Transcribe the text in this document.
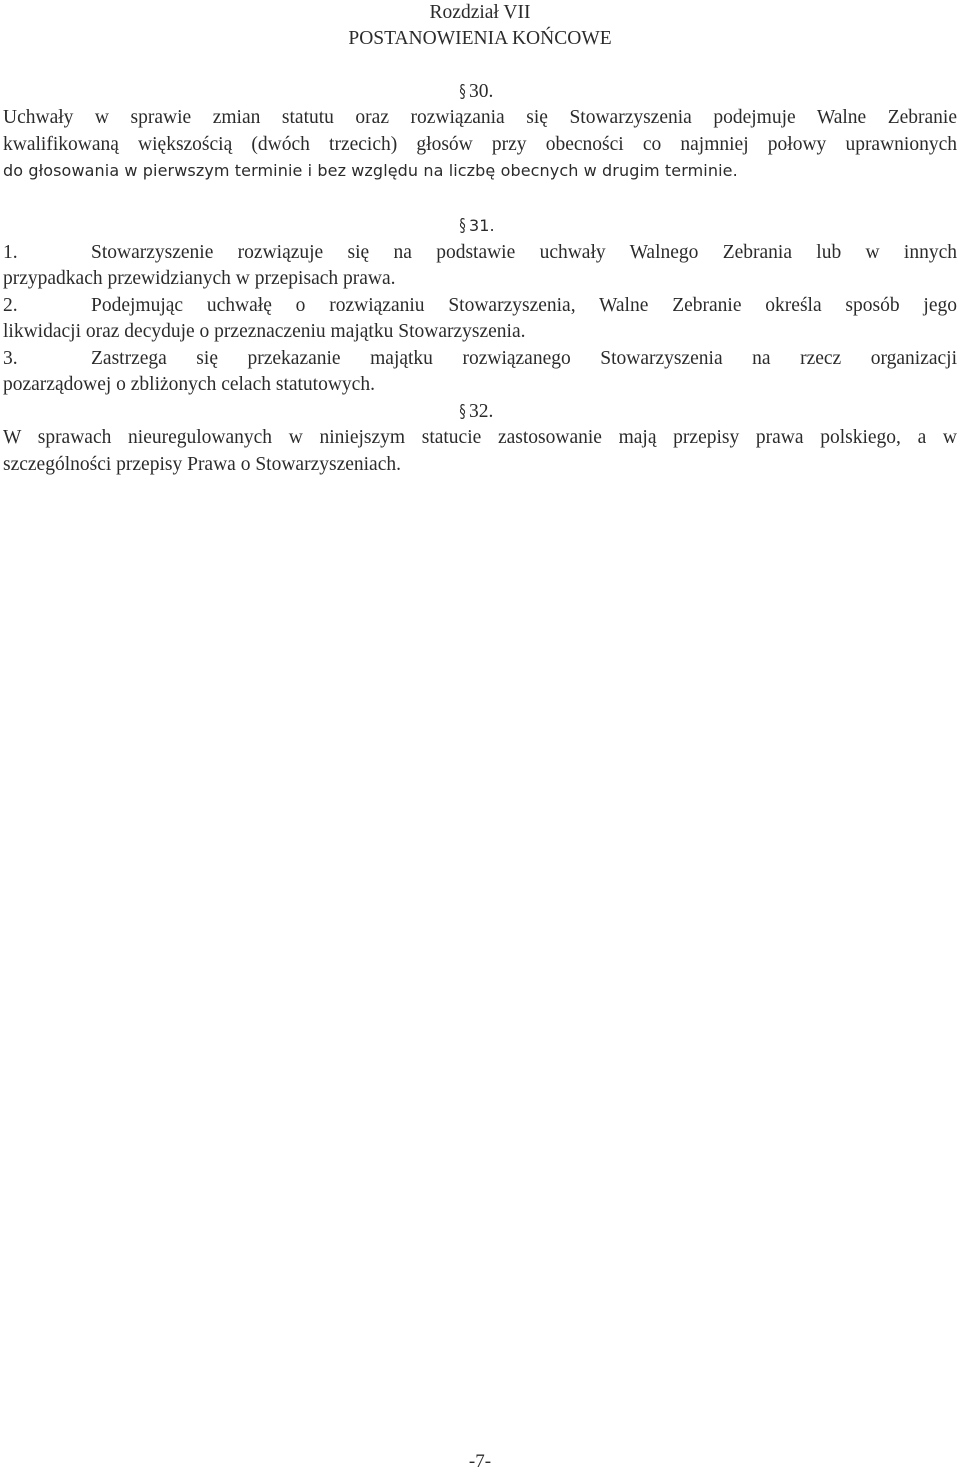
Rozdział VII
POSTANOWIENIA KOŃCOWE
§ 30.
Uchwały w sprawie zmian statutu oraz rozwiązania się Stowarzyszenia podejmuje Walne Zebranie
kwalifikowaną większością (dwóch trzecich) głosów przy obecności co najmniej połowy uprawnionych
do głosowania w pierwszym terminie i bez względu na liczbę obecnych w drugim terminie.
§ 31.
1.	Stowarzyszenie rozwiązuje się na podstawie uchwały Walnego Zebrania lub w innych
przypadkach przewidzianych w przepisach prawa.
2.	Podejmując uchwałę o rozwiązaniu Stowarzyszenia, Walne Zebranie określa sposób jego
likwidacji oraz decyduje o przeznaczeniu majątku Stowarzyszenia.
3.	Zastrzega się przekazanie majątku rozwiązanego Stowarzyszenia na rzecz organizacji
pozarządowej o zbliżonych celach statutowych.
§ 32.
W sprawach nieuregulowanych w niniejszym statucie zastosowanie mają przepisy prawa polskiego, a w
szczególności przepisy Prawa o Stowarzyszeniach.
-7-
